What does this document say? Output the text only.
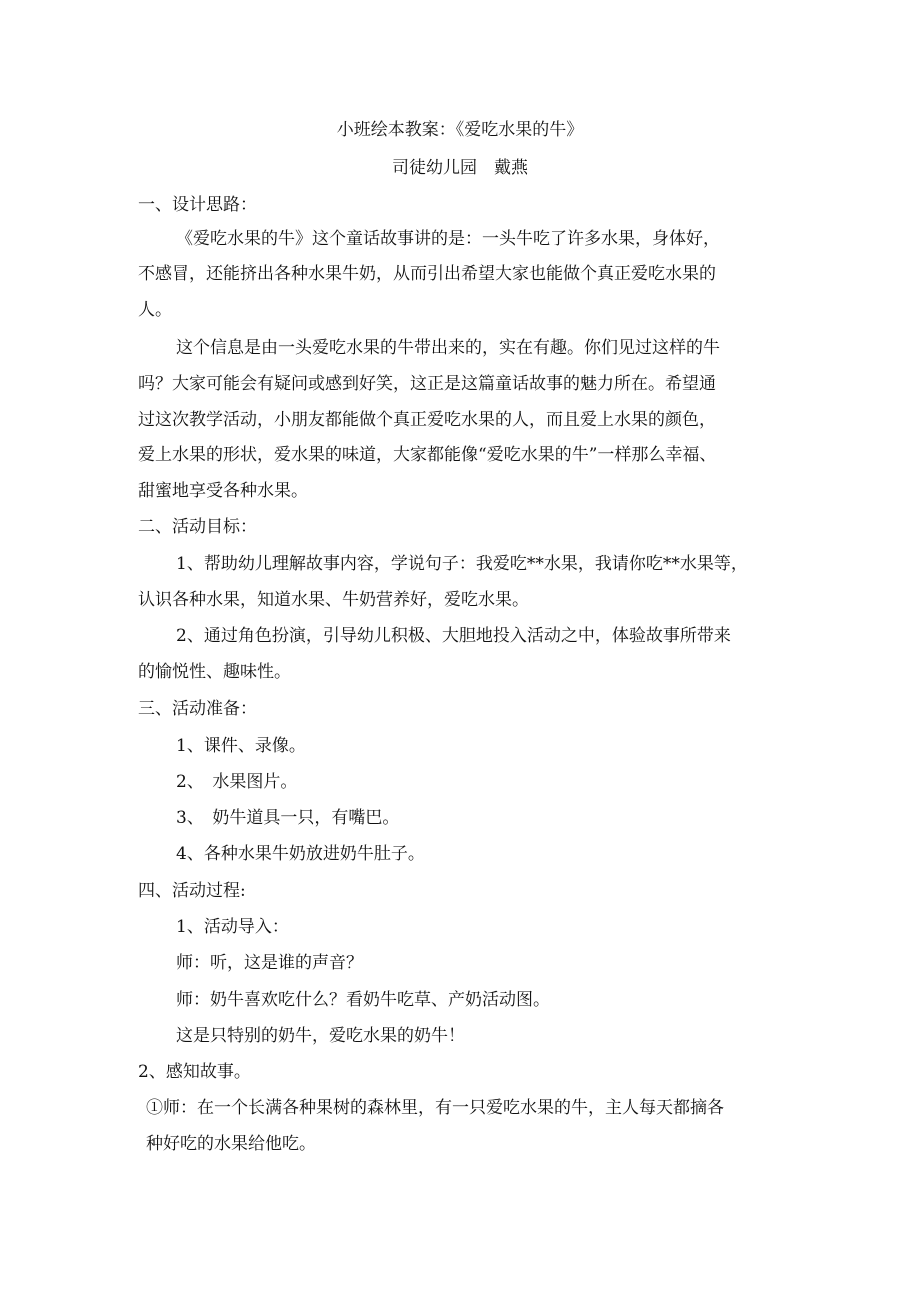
小班绘本教案：《爱吃水果的牛》
司徒幼儿园　戴燕
一、设计思路：
《爱吃水果的牛》这个童话故事讲的是：一头牛吃了许多水果，身体好，
不感冒，还能挤出各种水果牛奶，从而引出希望大家也能做个真正爱吃水果的
人。
这个信息是由一头爱吃水果的牛带出来的，实在有趣。你们见过这样的牛
吗？大家可能会有疑问或感到好笑，这正是这篇童话故事的魅力所在。希望通
过这次教学活动，小朋友都能做个真正爱吃水果的人，而且爱上水果的颜色，
爱上水果的形状，爱水果的味道，大家都能像“爱吃水果的牛”一样那么幸福、
甜蜜地享受各种水果。
二、活动目标：
1、帮助幼儿理解故事内容，学说句子：我爱吃**水果，我请你吃**水果等，
认识各种水果，知道水果、牛奶营养好，爱吃水果。
2、通过角色扮演，引导幼儿积极、大胆地投入活动之中，体验故事所带来
的愉悦性、趣味性。
三、活动准备：
1、课件、录像。
2、　水果图片。
3、　奶牛道具一只，有嘴巴。
4、各种水果牛奶放进奶牛肚子。
四、活动过程:
1、活动导入：
师：听，这是谁的声音？
师：奶牛喜欢吃什么？看奶牛吃草、产奶活动图。
这是只特别的奶牛，爱吃水果的奶牛！
2、感知故事。
①师：在一个长满各种果树的森林里，有一只爱吃水果的牛，主人每天都摘各
种好吃的水果给他吃。
